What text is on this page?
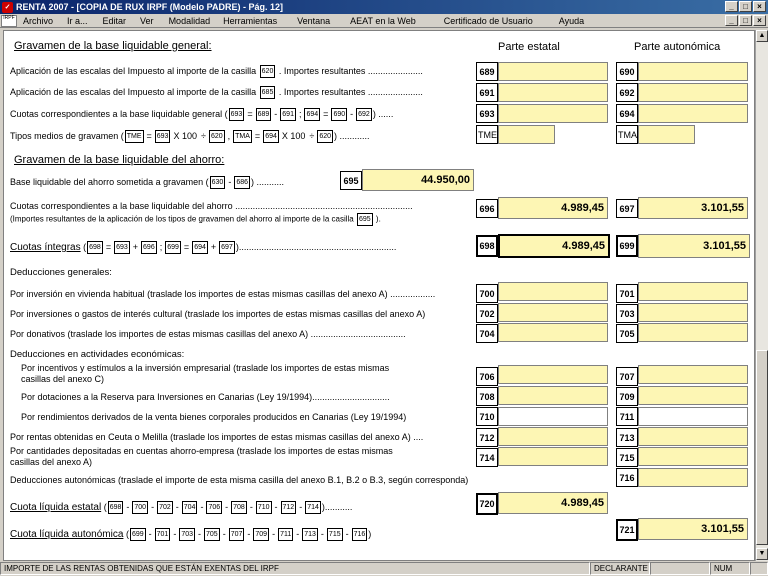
✓ RENTA 2007 - [COPIA DE RUX IRPF (Modelo PADRE) - Pág. 12]	_	□	×
IRPF Archivo Ir a... Editar Ver Modalidad Herramientas Ventana AEAT en la Web	Certificado de Usuario	Ayuda	_	□	×
Gravamen de la base liquidable general:	Parte estatal	Parte autonómica
Aplicación de las escalas del Impuesto al importe de la casilla 620 . Importes resultantes ......................	689	690
Aplicación de las escalas del Impuesto al importe de la casilla 685 . Importes resultantes ......................	691	692
Cuotas correspondientes a la base liquidable general ( 693 = 689 - 691 ; 694 = 690 - 692 ) ......	693	694
Tipos medios de gravamen ( TME = 693 X 100 ÷ 620 , TMA = 694 X 100 ÷ 620 ) ............	TME	TMA
Gravamen de la base liquidable del ahorro:
Base liquidable del ahorro sometida a gravamen ( 630 - 686 ) ...........	695	44.950,00
Cuotas correspondientes a la base liquidable del ahorro .......................................................................
(Importes resultantes de la aplicación de los tipos de gravamen del ahorro al importe de la casilla 695 ).
696	4.989,45	697	3.101,55
Cuotas íntegras ( 698 = 693 + 696 ; 699 = 694 + 697 )...............................................................	698	4.989,45	699	3.101,55
Deducciones generales:
Por inversión en vivienda habitual (traslade los importes de estas mismas casillas del anexo A) ..................	700	701
Por inversiones o gastos de interés cultural (traslade los importes de estas mismas casillas del anexo A)	702	703
Por donativos (traslade los importes de estas mismas casillas del anexo A) ......................................	704	705
Deducciones en actividades económicas:
Por incentivos y estímulos a la inversión empresarial (traslade los importes de estas mismas
casillas del anexo C)	706	707
Por dotaciones a la Reserva para Inversiones en Canarias (Ley 19/1994)...............................	708	709
Por rendimientos derivados de la venta bienes corporales producidos en Canarias (Ley 19/1994)	710	711
Por rentas obtenidas en Ceuta o Melilla (traslade los importes de estas mismas casillas del anexo A) ....	712	713
Por cantidades depositadas en cuentas ahorro-empresa (traslade los importes de estas mismas
casillas del anexo A)	714	715
Deducciones autonómicas (traslade el importe de esta misma casilla del anexo B.1, B.2 o B.3, según corresponda)	716
Cuota líquida estatal ( 698 - 700 - 702 - 704 - 706 - 708 - 710 - 712 - 714 )...........	720	4.989,45
Cuota líquida autonómica ( 699 - 701 - 703 - 705 - 707 - 709 - 711 - 713 - 715 - 716 )	721	3.101,55
▲
▼
IMPORTE DE LAS RENTAS OBTENIDAS QUE ESTÁN EXENTAS DEL IRPF	DECLARANTE	NUM
